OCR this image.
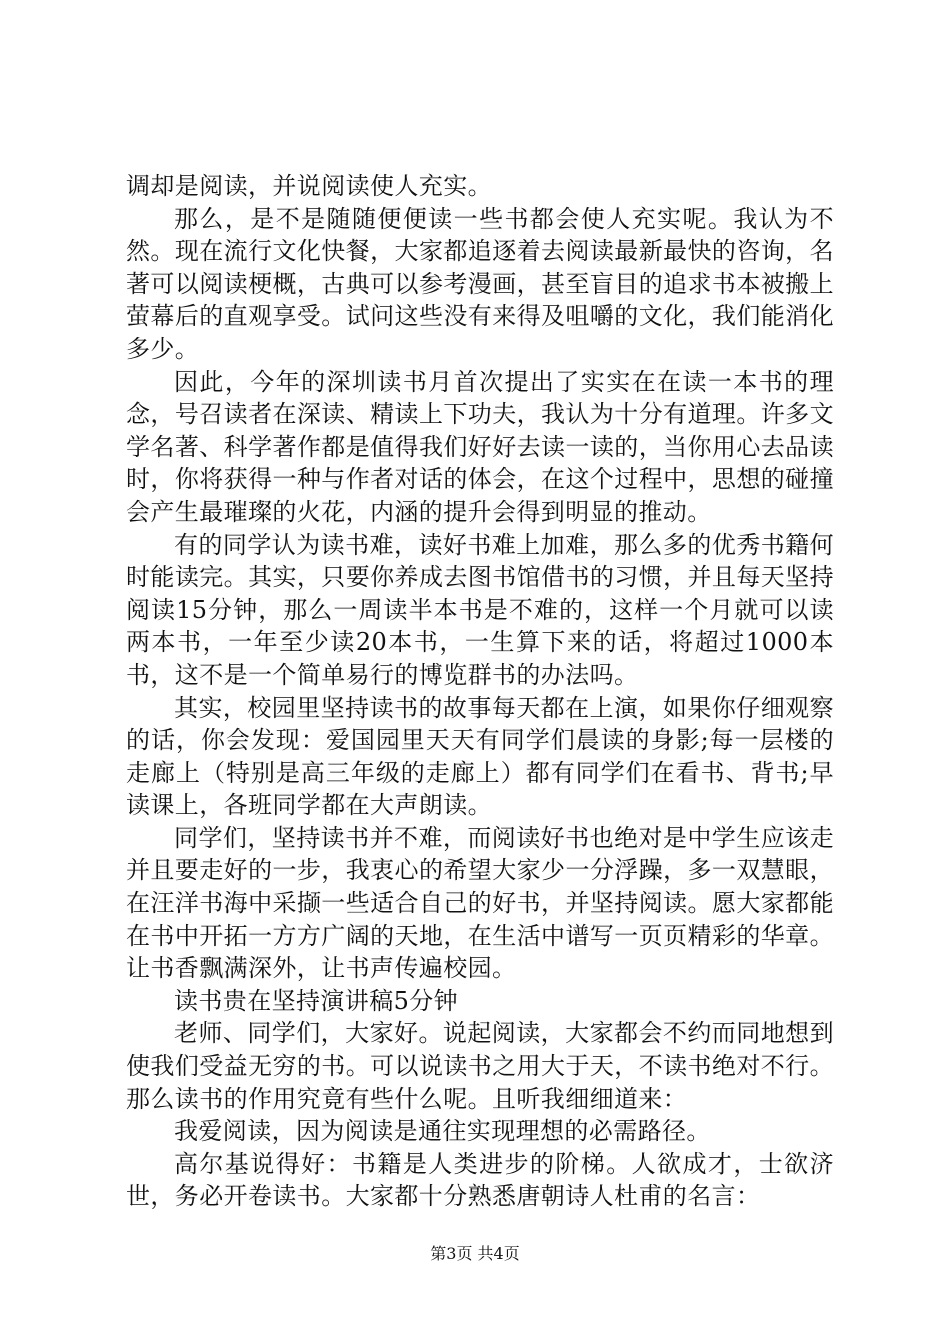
调却是阅读，并说阅读使人充实。

那么，是不是随随便便读一些书都会使人充实呢。我认为不然。现在流行文化快餐，大家都追逐着去阅读最新最快的咨询，名著可以阅读梗概，古典可以参考漫画，甚至盲目的追求书本被搬上萤幕后的直观享受。试问这些没有来得及咀嚼的文化，我们能消化多少。

因此，今年的深圳读书月首次提出了实实在在读一本书的理念，号召读者在深读、精读上下功夫，我认为十分有道理。许多文学名著、科学著作都是值得我们好好去读一读的，当你用心去品读时，你将获得一种与作者对话的体会，在这个过程中，思想的碰撞会产生最璀璨的火花，内涵的提升会得到明显的推动。

有的同学认为读书难，读好书难上加难，那么多的优秀书籍何时能读完。其实，只要你养成去图书馆借书的习惯，并且每天坚持阅读15分钟，那么一周读半本书是不难的，这样一个月就可以读两本书，一年至少读20本书，一生算下来的话，将超过1000本书，这不是一个简单易行的博览群书的办法吗。

其实，校园里坚持读书的故事每天都在上演，如果你仔细观察的话，你会发现：爱国园里天天有同学们晨读的身影;每一层楼的走廊上（特别是高三年级的走廊上）都有同学们在看书、背书;早读课上，各班同学都在大声朗读。

同学们，坚持读书并不难，而阅读好书也绝对是中学生应该走并且要走好的一步，我衷心的希望大家少一分浮躁，多一双慧眼，在汪洋书海中采撷一些适合自己的好书，并坚持阅读。愿大家都能在书中开拓一方方广阔的天地，在生活中谱写一页页精彩的华章。让书香飘满深外，让书声传遍校园。

读书贵在坚持演讲稿5分钟

老师、同学们，大家好。说起阅读，大家都会不约而同地想到使我们受益无穷的书。可以说读书之用大于天，不读书绝对不行。那么读书的作用究竟有些什么呢。且听我细细道来：

我爱阅读，因为阅读是通往实现理想的必需路径。

高尔基说得好：书籍是人类进步的阶梯。人欲成才，士欲济世，务必开卷读书。大家都十分熟悉唐朝诗人杜甫的名言：

第3页 共4页
